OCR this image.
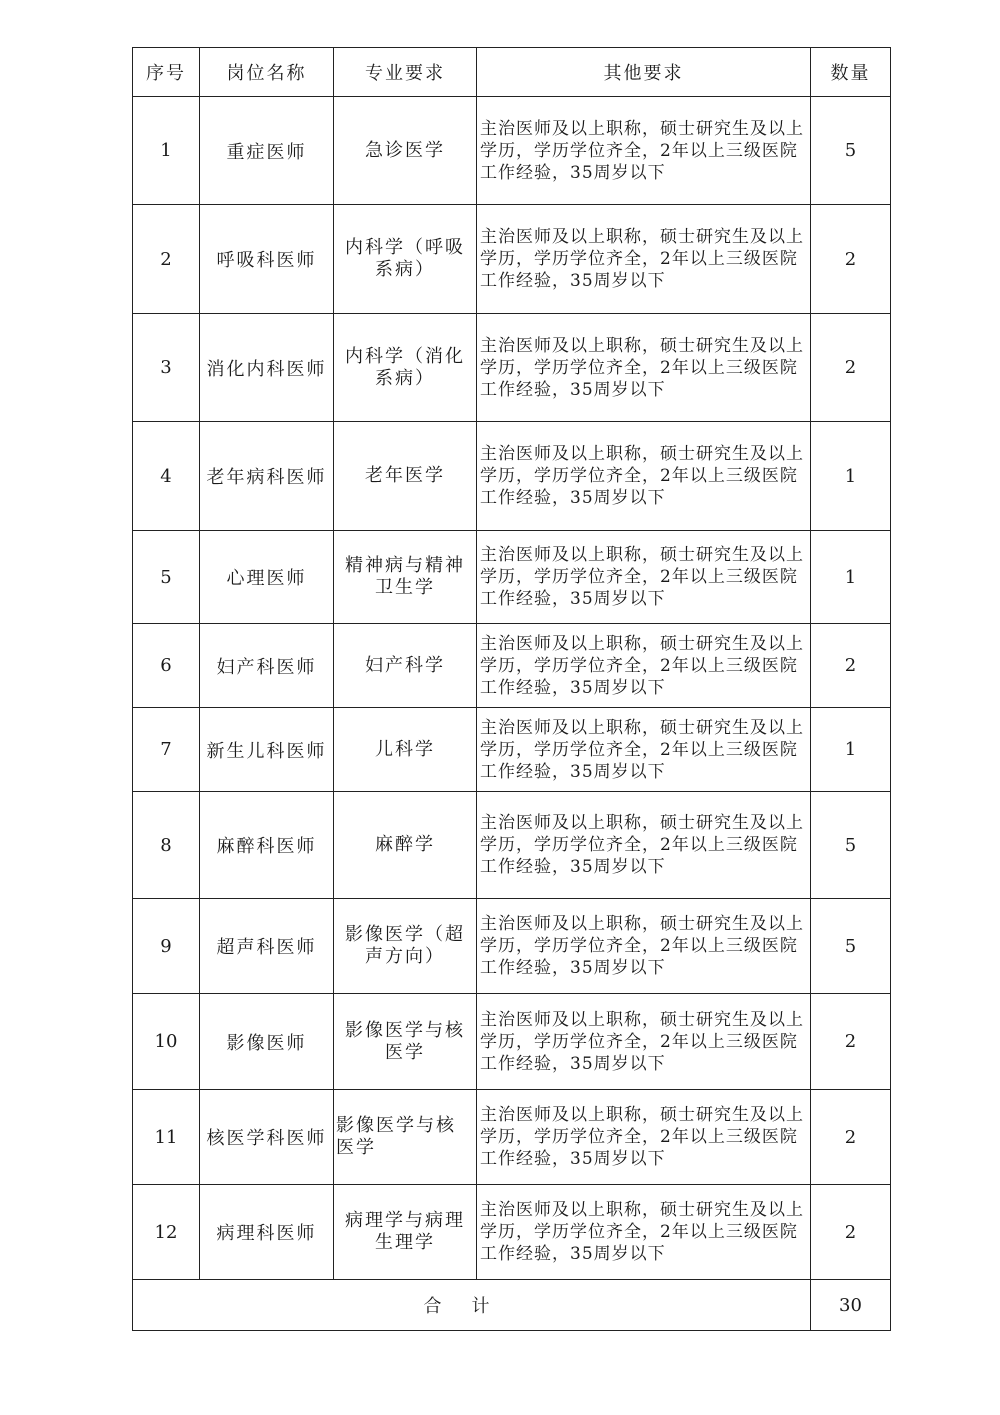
序号	岗位名称	专业要求	其他要求	数量
1	重症医师	急诊医学	主治医师及以上职称，硕士研究生及以上学历，学历学位齐全，2年以上三级医院工作经验，35周岁以下	5
2	呼吸科医师	内科学（呼吸系病）	主治医师及以上职称，硕士研究生及以上学历，学历学位齐全，2年以上三级医院工作经验，35周岁以下	2
3	消化内科医师	内科学（消化系病）	主治医师及以上职称，硕士研究生及以上学历，学历学位齐全，2年以上三级医院工作经验，35周岁以下	2
4	老年病科医师	老年医学	主治医师及以上职称，硕士研究生及以上学历，学历学位齐全，2年以上三级医院工作经验，35周岁以下	1
5	心理医师	精神病与精神卫生学	主治医师及以上职称，硕士研究生及以上学历，学历学位齐全，2年以上三级医院工作经验，35周岁以下	1
6	妇产科医师	妇产科学	主治医师及以上职称，硕士研究生及以上学历，学历学位齐全，2年以上三级医院工作经验，35周岁以下	2
7	新生儿科医师	儿科学	主治医师及以上职称，硕士研究生及以上学历，学历学位齐全，2年以上三级医院工作经验，35周岁以下	1
8	麻醉科医师	麻醉学	主治医师及以上职称，硕士研究生及以上学历，学历学位齐全，2年以上三级医院工作经验，35周岁以下	5
9	超声科医师	影像医学（超声方向）	主治医师及以上职称，硕士研究生及以上学历，学历学位齐全，2年以上三级医院工作经验，35周岁以下	5
10	影像医师	影像医学与核医学	主治医师及以上职称，硕士研究生及以上学历，学历学位齐全，2年以上三级医院工作经验，35周岁以下	2
11	核医学科医师	影像医学与核医学	主治医师及以上职称，硕士研究生及以上学历，学历学位齐全，2年以上三级医院工作经验，35周岁以下	2
12	病理科医师	病理学与病理生理学	主治医师及以上职称，硕士研究生及以上学历，学历学位齐全，2年以上三级医院工作经验，35周岁以下	2
合计				30
